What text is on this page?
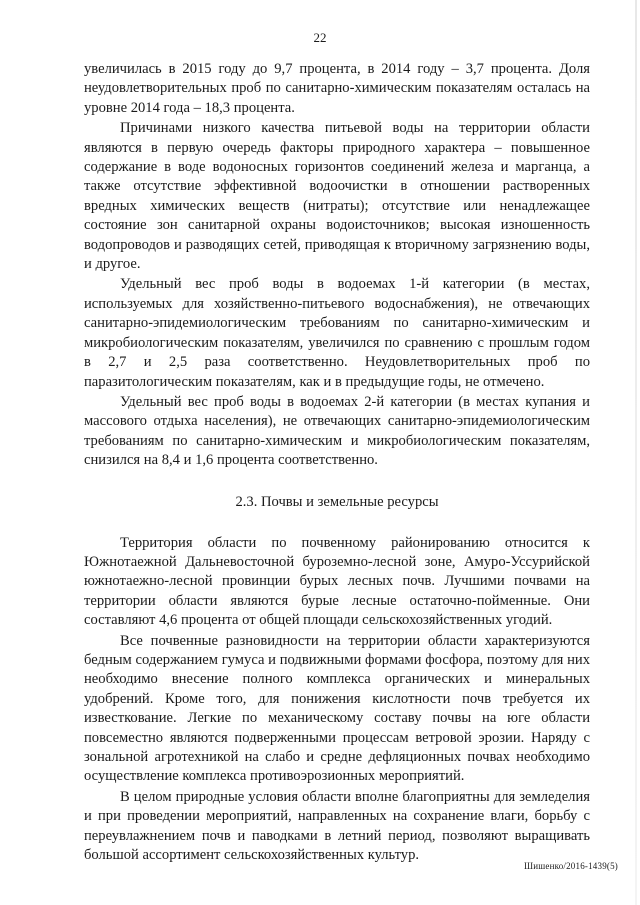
22

увеличилась в 2015 году до 9,7 процента, в 2014 году – 3,7 процента. Доля неудовлетворительных проб по санитарно-химическим показателям осталась на уровне 2014 года – 18,3 процента.

Причинами низкого качества питьевой воды на территории области являются в первую очередь факторы природного характера – повышенное содержание в воде водоносных горизонтов соединений железа и марганца, а также отсутствие эффективной водоочистки в отношении растворенных вредных химических веществ (нитраты); отсутствие или ненадлежащее состояние зон санитарной охраны водоисточников; высокая изношенность водопроводов и разводящих сетей, приводящая к вторичному загрязнению воды, и другое.

Удельный вес проб воды в водоемах 1-й категории (в местах, используемых для хозяйственно-питьевого водоснабжения), не отвечающих санитарно-эпидемиологическим требованиям по санитарно-химическим и микробиологическим показателям, увеличился по сравнению с прошлым годом в 2,7 и 2,5 раза соответственно. Неудовлетворительных проб по паразитологическим показателям, как и в предыдущие годы, не отмечено.

Удельный вес проб воды в водоемах 2-й категории (в местах купания и массового отдыха населения), не отвечающих санитарно-эпидемиологическим требованиям по санитарно-химическим и микробиологическим показателям, снизился на 8,4 и 1,6 процента соответственно.

2.3. Почвы и земельные ресурсы

Территория области по почвенному районированию относится к Южнотаежной Дальневосточной буроземно-лесной зоне, Амуро-Уссурийской южнотаежно-лесной провинции бурых лесных почв. Лучшими почвами на территории области являются бурые лесные остаточно-пойменные. Они составляют 4,6 процента от общей площади сельскохозяйственных угодий.

Все почвенные разновидности на территории области характеризуются бедным содержанием гумуса и подвижными формами фосфора, поэтому для них необходимо внесение полного комплекса органических и минеральных удобрений. Кроме того, для понижения кислотности почв требуется их известкование. Легкие по механическому составу почвы на юге области повсеместно являются подверженными процессам ветровой эрозии. Наряду с зональной агротехникой на слабо и средне дефляционных почвах необходимо осуществление комплекса противоэрозионных мероприятий.

В целом природные условия области вполне благоприятны для земледелия и при проведении мероприятий, направленных на сохранение влаги, борьбу с переувлажнением почв и паводками в летний период, позволяют выращивать большой ассортимент сельскохозяйственных культур.

Шишенко/2016-1439(5)
